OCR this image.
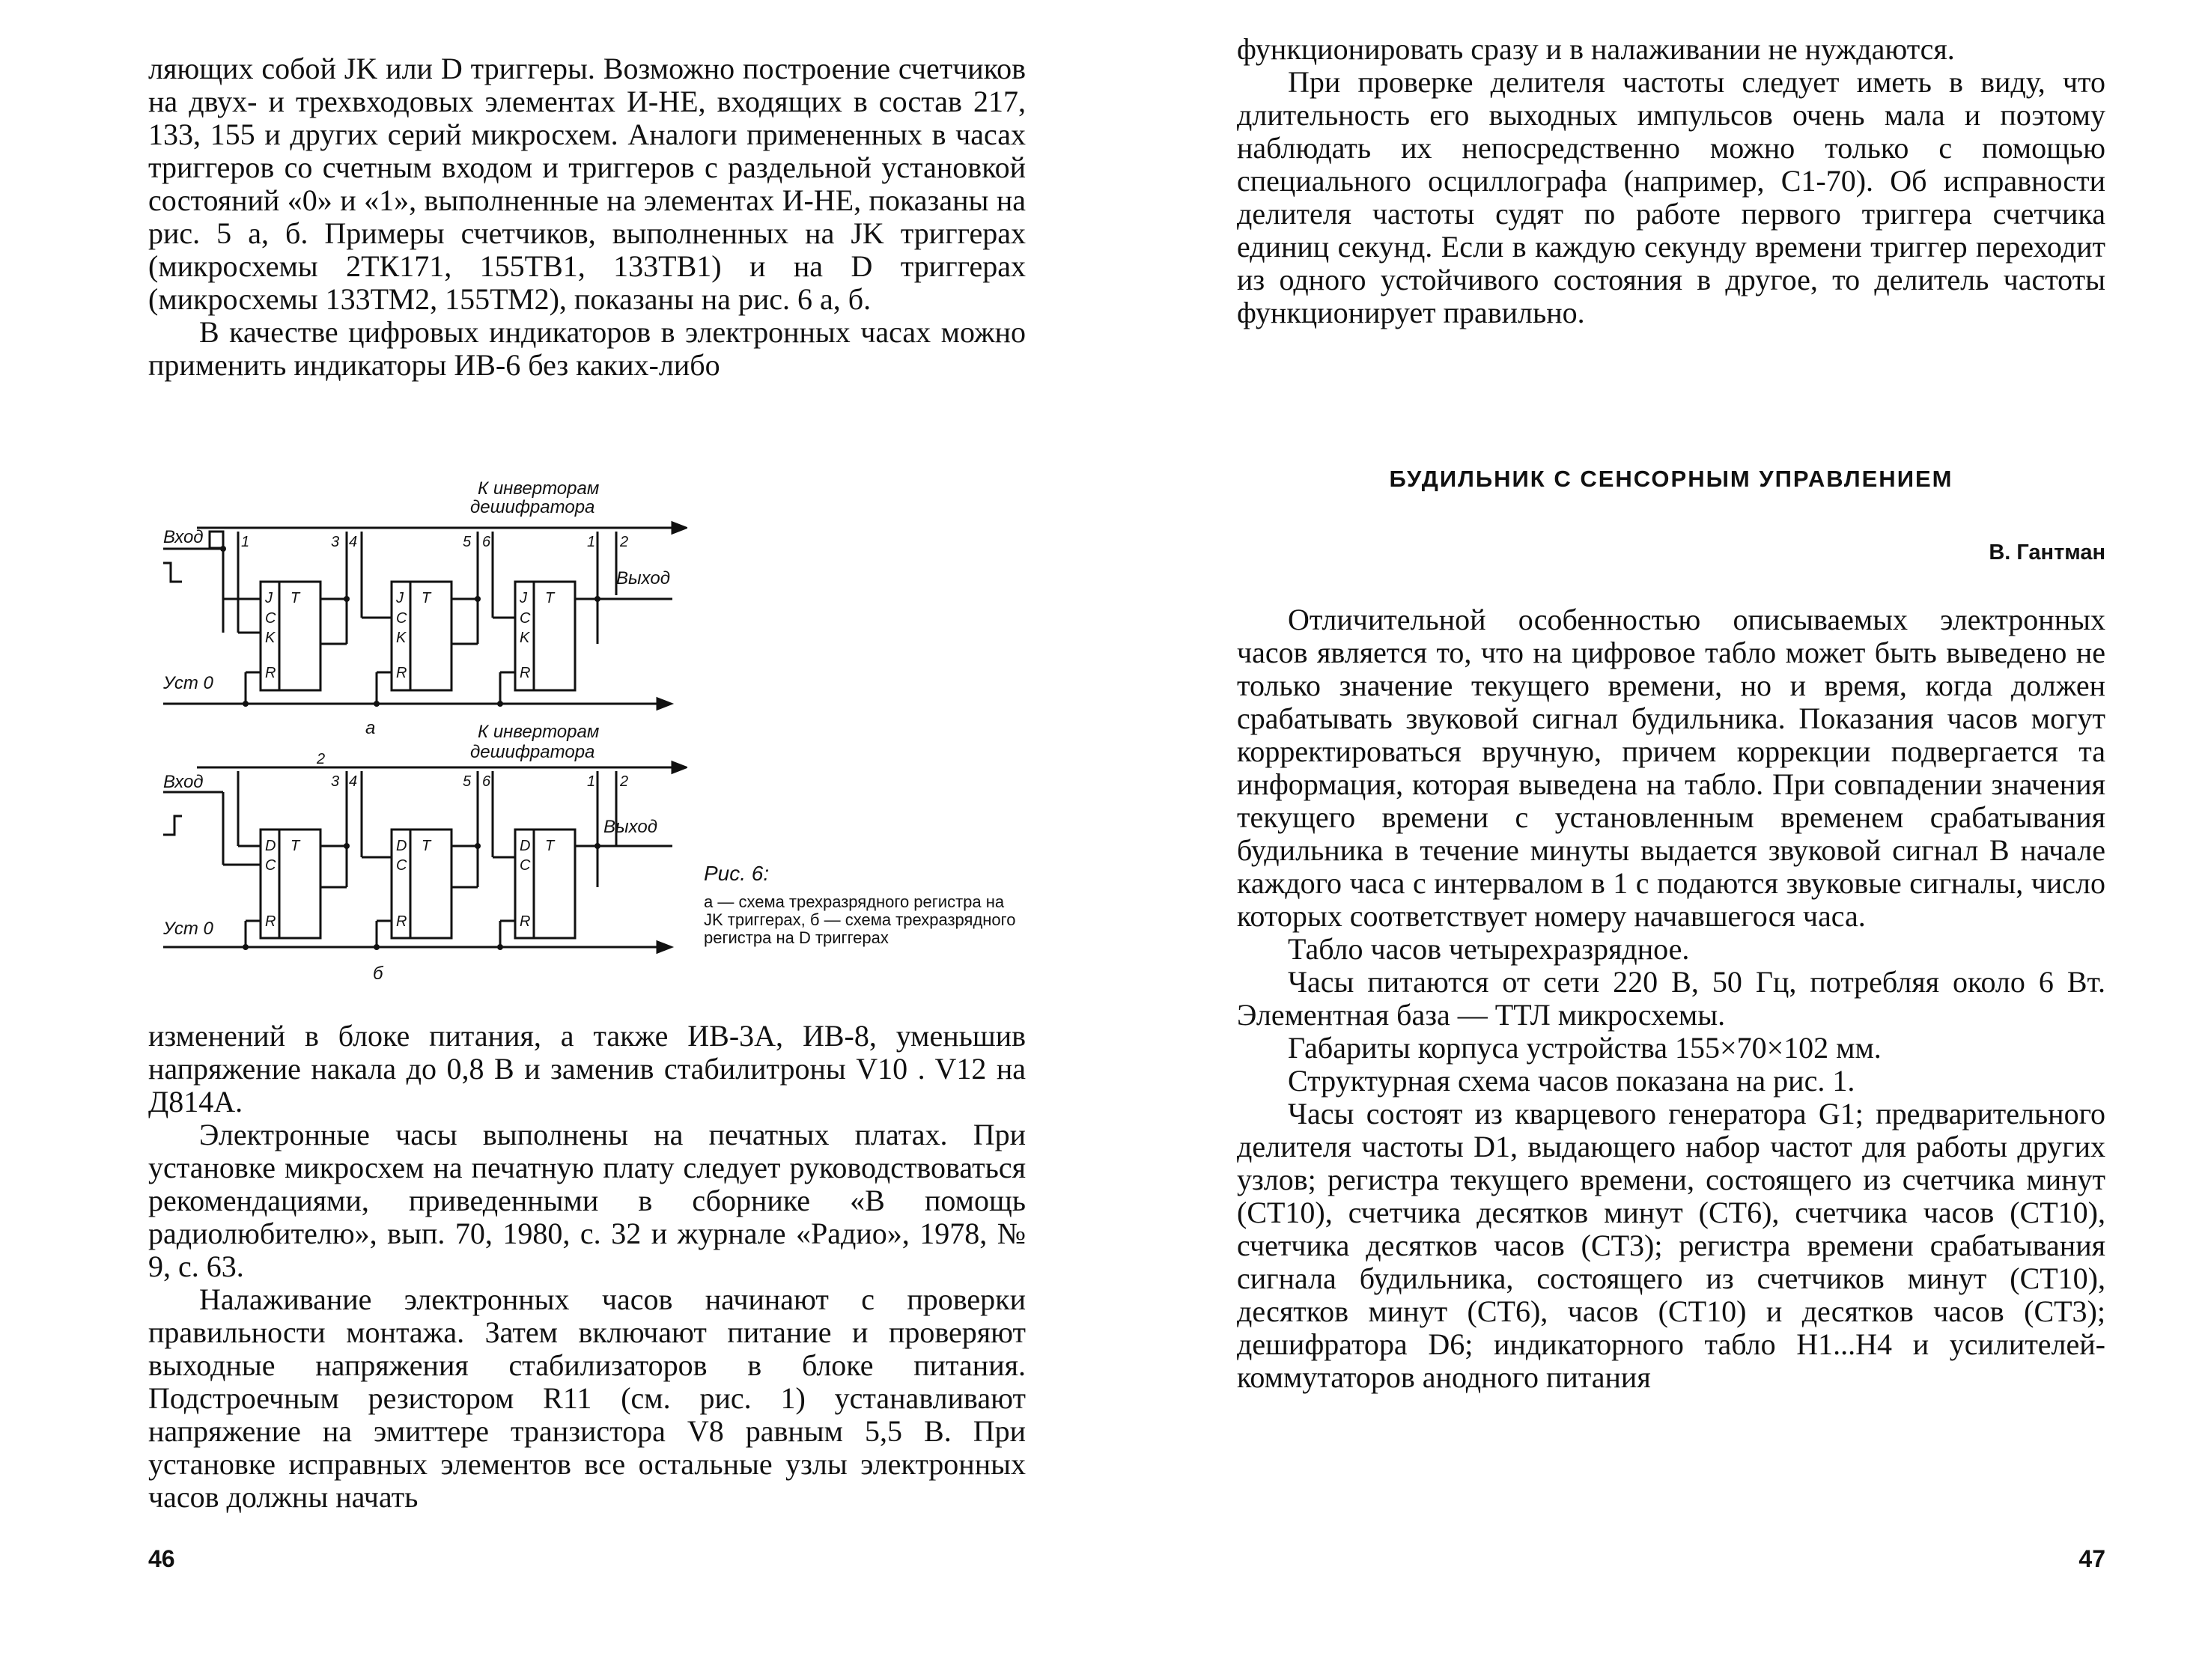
ляющих собой JK или D триггеры. Возможно построение счетчиков на двух- и трехвходовых элементах И-НЕ, входящих в состав 217, 133, 155 и других серий микросхем. Аналоги примененных в часах триггеров со счетным входом и триггеров с раздельной установкой состояний «0» и «1», выполненные на элементах И-НЕ, показаны на рис. 5 а, б. Примеры счетчиков, выполненных на JK триггерах (микросхемы 2ТК171, 155ТВ1, 133ТВ1) и на D триггерах (микросхемы 133ТМ2, 155ТМ2), показаны на рис. 6 а, б.

В качестве цифровых индикаторов в электронных часах можно применить индикаторы ИВ-6 без каких-либо

изменений в блоке питания, а также ИВ-3А, ИВ-8, уменьшив напряжение накала до 0,8 В и заменив стабилитроны V10 . V12 на Д814А.

Электронные часы выполнены на печатных платах. При установке микросхем на печатную плату следует руководствоваться рекомендациями, приведенными в сборнике «В помощь радиолюбителю», вып. 70, 1980, с. 32 и журнале «Радио», 1978, № 9, с. 63.

Налаживание электронных часов начинают с проверки правильности монтажа. Затем включают питание и проверяют выходные напряжения стабилизаторов в блоке питания. Подстроечным резистором R11 (см. рис. 1) устанавливают напряжение на эмиттере транзистора V8 равным 5,5 В. При установке исправных элементов все остальные узлы электронных часов должны начать

46
К инверторам
дешифратора
Вход
Уст 0
Выход
а
1	3 4	5 6	1 2
J
C
K
R
T	J
C
K
R
T	J
C
K
R
T
К инверторам
дешифратора
2
Вход
Уст 0
Выход
б
3 4	5 6	1 2
D
C
R
T	D
C
R
T	D
C
R
T
Рис. 6:
а — схема трехразрядного регистра на JK триггерах, б — схема трехразрядного регистра на D триггерах

функционировать сразу и в налаживании не нуждаются.

При проверке делителя частоты следует иметь в виду, что длительность его выходных импульсов очень мала и поэтому наблюдать их непосредственно можно только с помощью специального осциллографа (например, С1-70). Об исправности делителя частоты судят по работе первого триггера счетчика единиц секунд. Если в каждую секунду времени триггер переходит из одного устойчивого состояния в другое, то делитель частоты функционирует правильно.

БУДИЛЬНИК С СЕНСОРНЫМ УПРАВЛЕНИЕМ
В. Гантман

Отличительной особенностью описываемых электронных часов является то, что на цифровое табло может быть выведено не только значение текущего времени, но и время, когда должен срабатывать звуковой сигнал будильника. Показания часов могут корректироваться вручную, причем коррекции подвергается та информация, которая выведена на табло. При совпадении значения текущего времени с установленным временем срабатывания будильника в течение минуты выдается звуковой сигнал В начале каждого часа с интервалом в 1 с подаются звуковые сигналы, число которых соответствует номеру начавшегося часа.

Табло часов четырехразрядное.

Часы питаются от сети 220 В, 50 Гц, потребляя около 6 Вт. Элементная база — ТТЛ микросхемы.

Габариты корпуса устройства 155×70×102 мм.

Структурная схема часов показана на рис. 1.

Часы состоят из кварцевого генератора G1; предварительного делителя частоты D1, выдающего набор частот для работы других узлов; регистра текущего времени, состоящего из счетчика минут (CT10), счетчика десятков минут (CT6), счетчика часов (CT10), счетчика десятков часов (CT3); регистра времени срабатывания сигнала будильника, состоящего из счетчиков минут (CT10), десятков минут (CT6), часов (CT10) и десятков часов (CT3); дешифратора D6; индикаторного табло H1...H4 и усилителей-коммутаторов анодного питания

47
